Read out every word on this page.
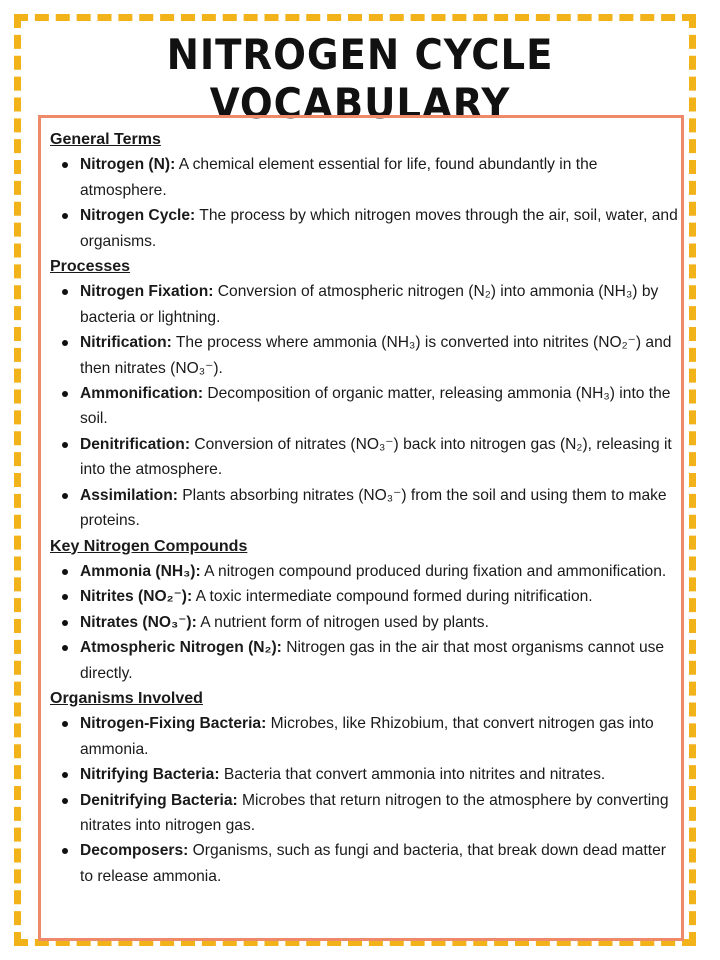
NITROGEN CYCLE VOCABULARY

General Terms

Nitrogen (N): A chemical element essential for life, found abundantly in the atmosphere.
Nitrogen Cycle: The process by which nitrogen moves through the air, soil, water, and organisms.

Processes

Nitrogen Fixation: Conversion of atmospheric nitrogen (N₂) into ammonia (NH₃) by bacteria or lightning.
Nitrification: The process where ammonia (NH₃) is converted into nitrites (NO₂⁻) and then nitrates (NO₃⁻).
Ammonification: Decomposition of organic matter, releasing ammonia (NH₃) into the soil.
Denitrification: Conversion of nitrates (NO₃⁻) back into nitrogen gas (N₂), releasing it into the atmosphere.
Assimilation: Plants absorbing nitrates (NO₃⁻) from the soil and using them to make proteins.

Key Nitrogen Compounds

Ammonia (NH₃): A nitrogen compound produced during fixation and ammonification.
Nitrites (NO₂⁻): A toxic intermediate compound formed during nitrification.
Nitrates (NO₃⁻): A nutrient form of nitrogen used by plants.
Atmospheric Nitrogen (N₂): Nitrogen gas in the air that most organisms cannot use directly.

Organisms Involved

Nitrogen-Fixing Bacteria: Microbes, like Rhizobium, that convert nitrogen gas into ammonia.
Nitrifying Bacteria: Bacteria that convert ammonia into nitrites and nitrates.
Denitrifying Bacteria: Microbes that return nitrogen to the atmosphere by converting nitrates into nitrogen gas.
Decomposers: Organisms, such as fungi and bacteria, that break down dead matter to release ammonia.
